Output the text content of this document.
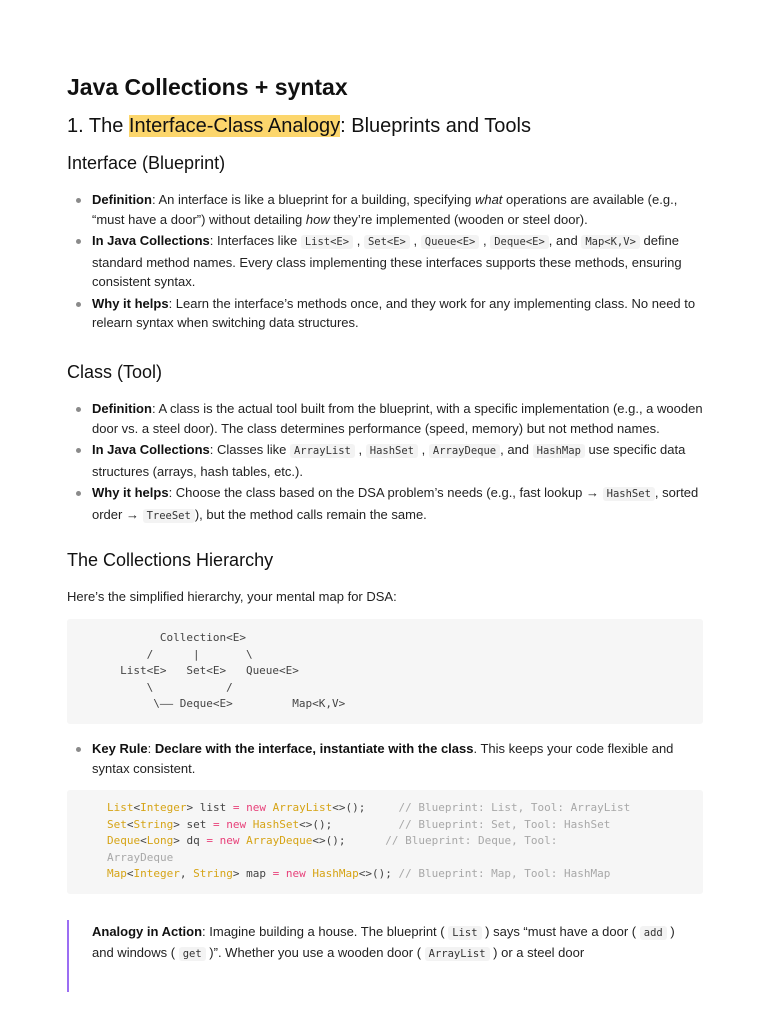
Java Collections + syntax
1. The Interface-Class Analogy: Blueprints and Tools
Interface (Blueprint)
Definition: An interface is like a blueprint for a building, specifying what operations are available (e.g., “must have a door”) without detailing how they’re implemented (wooden or steel door).
In Java Collections: Interfaces like List<E> , Set<E> , Queue<E> , Deque<E> , and Map<K,V> define standard method names. Every class implementing these interfaces supports these methods, ensuring consistent syntax.
Why it helps: Learn the interface’s methods once, and they work for any implementing class. No need to relearn syntax when switching data structures.
Class (Tool)
Definition: A class is the actual tool built from the blueprint, with a specific implementation (e.g., a wooden door vs. a steel door). The class determines performance (speed, memory) but not method names.
In Java Collections: Classes like ArrayList , HashSet , ArrayDeque , and HashMap use specific data structures (arrays, hash tables, etc.).
Why it helps: Choose the class based on the DSA problem’s needs (e.g., fast lookup → HashSet , sorted order → TreeSet ), but the method calls remain the same.
The Collections Hierarchy

Here’s the simplified hierarchy, your mental map for DSA:

Collection<E>
/      |       \
List<E>   Set<E>   Queue<E>
\           /
\—— Deque<E>         Map<K,V>
Key Rule: Declare with the interface, instantiate with the class. This keeps your code flexible and syntax consistent.
List<Integer> list = new ArrayList<>();	// Blueprint: List, Tool: ArrayList
Set<String> set = new HashSet<>();	// Blueprint: Set, Tool: HashSet
Deque<Long> dq = new ArrayDeque<>();	// Blueprint: Deque, Tool:
ArrayDeque
Map<Integer, String> map = new HashMap<>(); // Blueprint: Map, Tool: HashMap
Analogy in Action: Imagine building a house. The blueprint ( List ) says “must have a door ( add ) and windows ( get )”. Whether you use a wooden door ( ArrayList ) or a steel door
